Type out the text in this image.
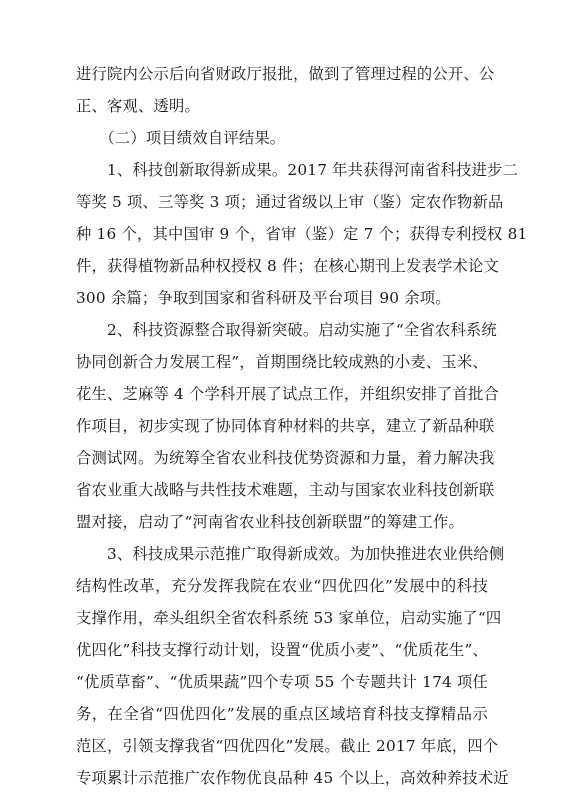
进行院内公示后向省财政厅报批，做到了管理过程的公开、公
正、客观、透明。
　　（二）项目绩效自评结果。
　　1、科技创新取得新成果。2017 年共获得河南省科技进步二
等奖 5 项、三等奖 3 项；通过省级以上审（鉴）定农作物新品
种 16 个，其中国审 9 个，省审（鉴）定 7 个；获得专利授权 81
件，获得植物新品种权授权 8 件；在核心期刊上发表学术论文
300 余篇；争取到国家和省科研及平台项目 90 余项。
　　2、科技资源整合取得新突破。启动实施了“全省农科系统
协同创新合力发展工程”，首期围绕比较成熟的小麦、玉米、
花生、芝麻等 4 个学科开展了试点工作，并组织安排了首批合
作项目，初步实现了协同体育种材料的共享，建立了新品种联
合测试网。为统筹全省农业科技优势资源和力量，着力解决我
省农业重大战略与共性技术难题，主动与国家农业科技创新联
盟对接，启动了“河南省农业科技创新联盟”的筹建工作。
　　3、科技成果示范推广取得新成效。为加快推进农业供给侧
结构性改革，充分发挥我院在农业“四优四化”发展中的科技
支撑作用，牵头组织全省农科系统 53 家单位，启动实施了“四
优四化”科技支撑行动计划，设置“优质小麦”、“优质花生”、
“优质草畜”、“优质果蔬”四个专项 55 个专题共计 174 项任
务，在全省“四优四化”发展的重点区域培育科技支撑精品示
范区，引领支撑我省“四优四化”发展。截止 2017 年底，四个
专项累计示范推广农作物优良品种 45 个以上，高效种养技术近
